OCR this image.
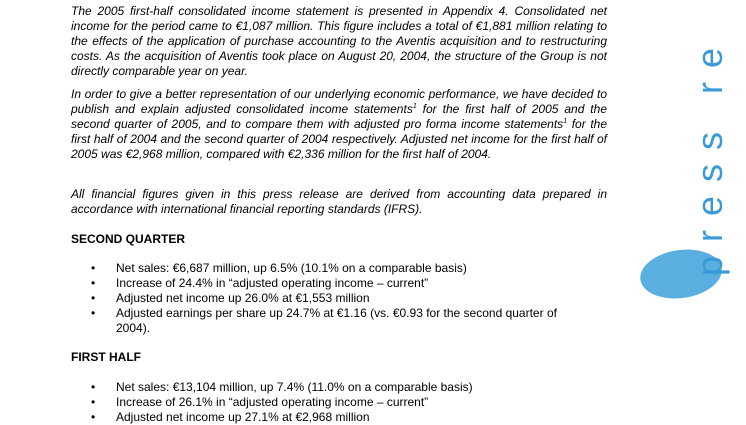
The 2005 first-half consolidated income statement is presented in Appendix 4. Consolidated net income for the period came to €1,087 million. This figure includes a total of €1,881 million relating to the effects of the application of purchase accounting to the Aventis acquisition and to restructuring costs. As the acquisition of Aventis took place on August 20, 2004, the structure of the Group is not directly comparable year on year.

In order to give a better representation of our underlying economic performance, we have decided to publish and explain adjusted consolidated income statements$^1$ for the first half of 2005 and the second quarter of 2005, and to compare them with adjusted pro forma income statements$^1$ for the first half of 2004 and the second quarter of 2004 respectively. Adjusted net income for the first half of 2005 was €2,968 million, compared with €2,336 million for the first half of 2004.

All financial figures given in this press release are derived from accounting data prepared in accordance with international financial reporting standards (IFRS).

SECOND QUARTER

• Net sales: €6,687 million, up 6.5% (10.1% on a comparable basis)
• Increase of 24.4% in “adjusted operating income – current”
• Adjusted net income up 26.0% at €1,553 million
• Adjusted earnings per share up 24.7% at €1.16 (vs. €0.93 for the second quarter of 2004).

FIRST HALF

• Net sales: €13,104 million, up 7.4% (11.0% on a comparable basis)
• Increase of 26.1% in “adjusted operating income – current”
• Adjusted net income up 27.1% at €2,968 million
press re
